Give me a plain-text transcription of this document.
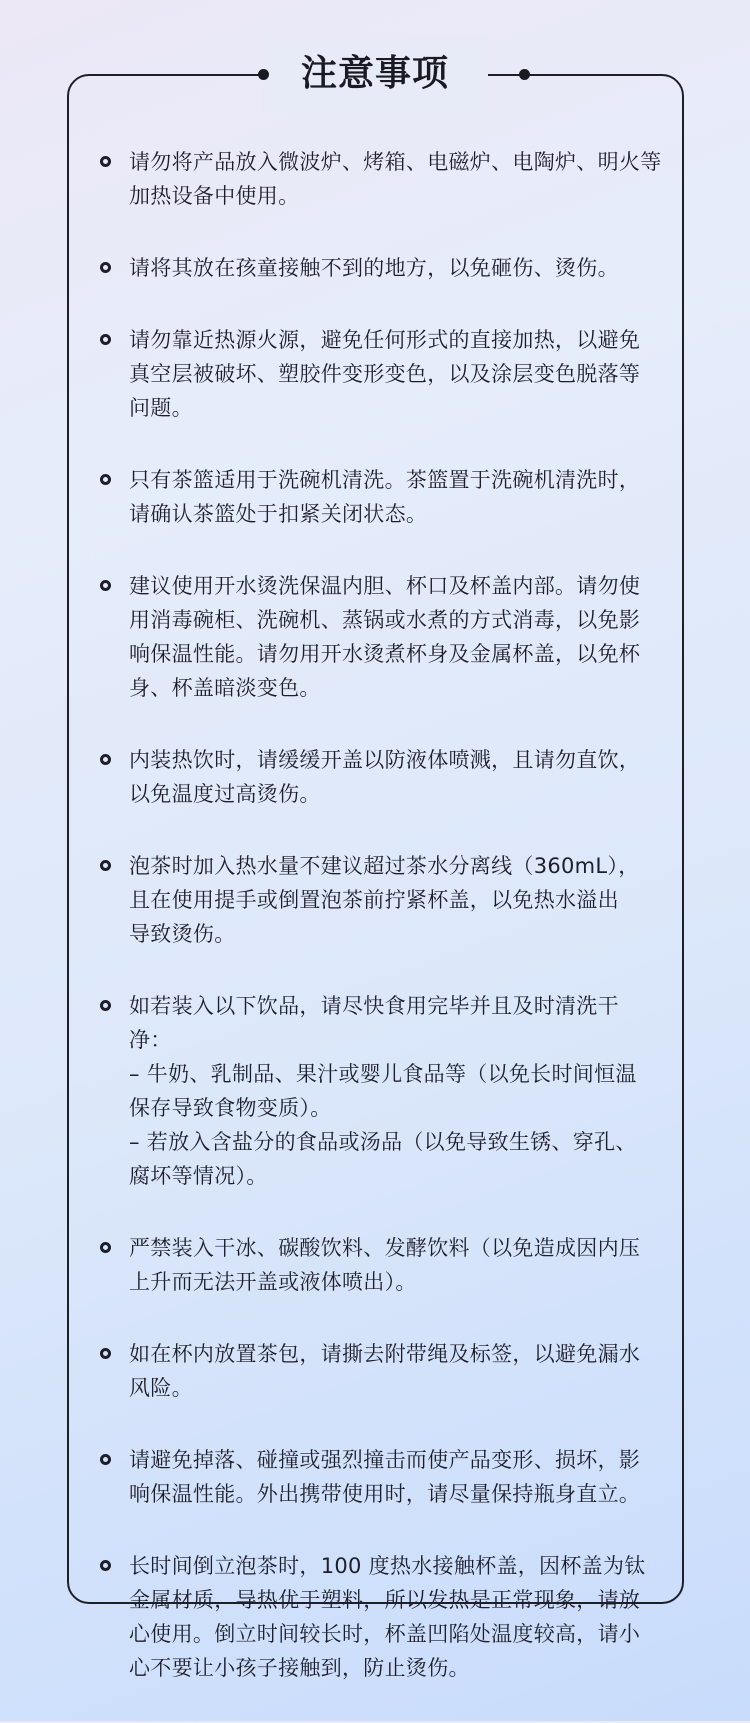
注意事项
请勿将产品放入微波炉、烤箱、电磁炉、电陶炉、明火等
加热设备中使用。
请将其放在孩童接触不到的地方，以免砸伤、烫伤。
请勿靠近热源火源，避免任何形式的直接加热，以避免
真空层被破坏、塑胶件变形变色，以及涂层变色脱落等
问题。
只有茶篮适用于洗碗机清洗。茶篮置于洗碗机清洗时，
请确认茶篮处于扣紧关闭状态。
建议使用开水烫洗保温内胆、杯口及杯盖内部。请勿使
用消毒碗柜、洗碗机、蒸锅或水煮的方式消毒，以免影
响保温性能。请勿用开水烫煮杯身及金属杯盖，以免杯
身、杯盖暗淡变色。
内装热饮时，请缓缓开盖以防液体喷溅，且请勿直饮，
以免温度过高烫伤。
泡茶时加入热水量不建议超过茶水分离线（360mL），
且在使用提手或倒置泡茶前拧紧杯盖，以免热水溢出
导致烫伤。
如若装入以下饮品，请尽快食用完毕并且及时清洗干
净：
– 牛奶、乳制品、果汁或婴儿食品等（以免长时间恒温
保存导致食物变质）。
– 若放入含盐分的食品或汤品（以免导致生锈、穿孔、
腐坏等情况）。
严禁装入干冰、碳酸饮料、发酵饮料（以免造成因内压
上升而无法开盖或液体喷出）。
如在杯内放置茶包，请撕去附带绳及标签，以避免漏水
风险。
请避免掉落、碰撞或强烈撞击而使产品变形、损坏，影
响保温性能。外出携带使用时，请尽量保持瓶身直立。
长时间倒立泡茶时，100 度热水接触杯盖，因杯盖为钛
金属材质，导热优于塑料，所以发热是正常现象，请放
心使用。倒立时间较长时，杯盖凹陷处温度较高，请小
心不要让小孩子接触到，防止烫伤。
